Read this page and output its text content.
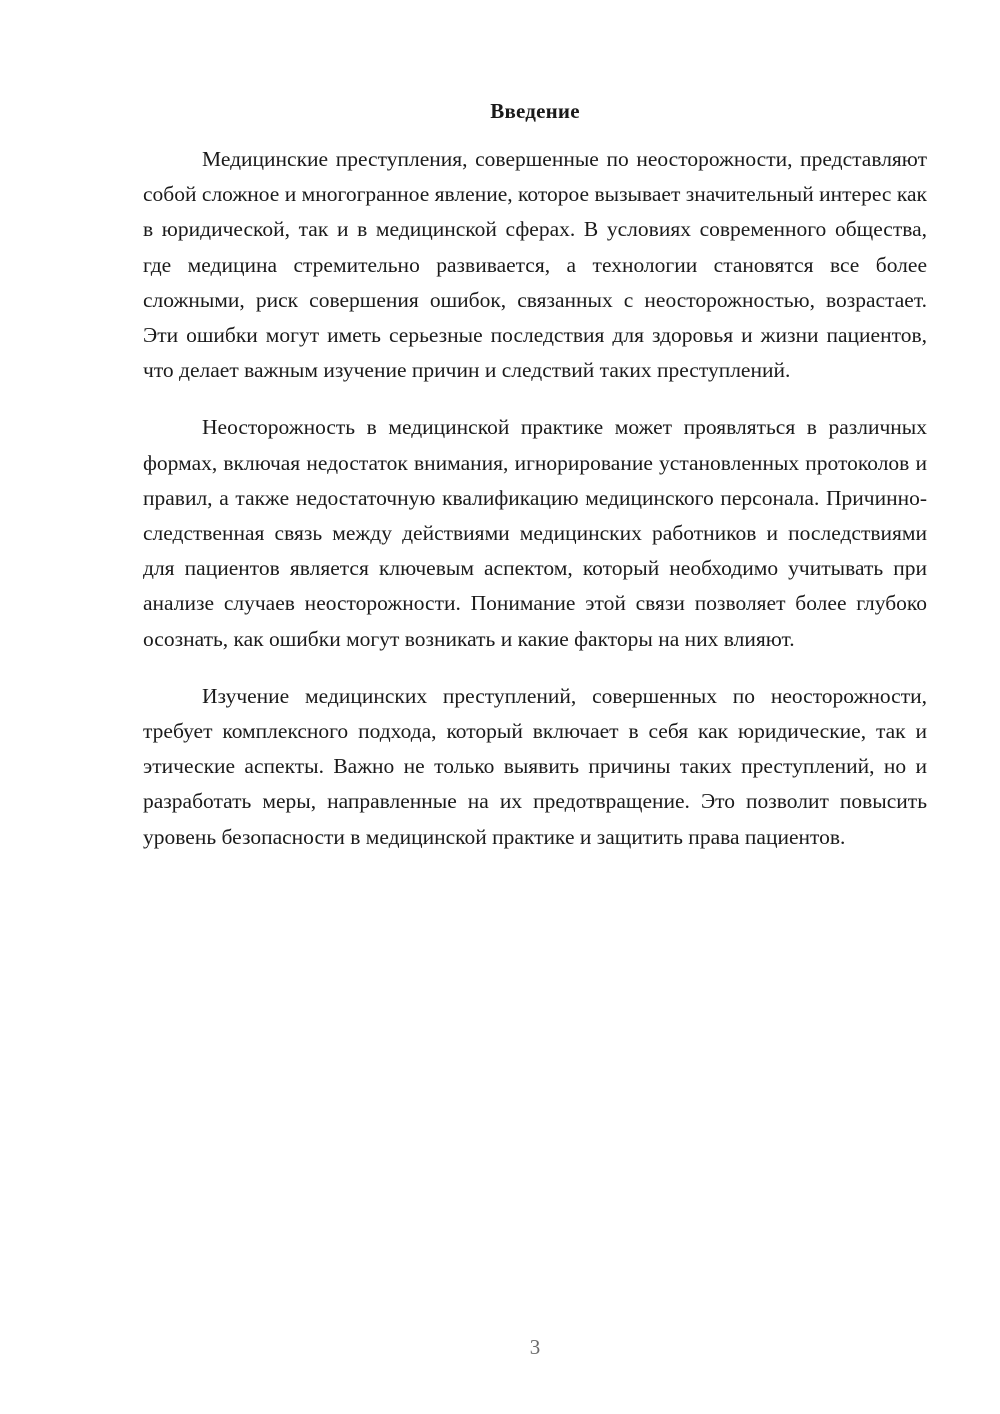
Введение

Медицинские преступления, совершенные по неосторожности, представляют собой сложное и многогранное явление, которое вызывает значительный интерес как в юридической, так и в медицинской сферах. В условиях современного общества, где медицина стремительно развивается, а технологии становятся все более сложными, риск совершения ошибок, связанных с неосторожностью, возрастает. Эти ошибки могут иметь серьезные последствия для здоровья и жизни пациентов, что делает важным изучение причин и следствий таких преступлений.

Неосторожность в медицинской практике может проявляться в различных формах, включая недостаток внимания, игнорирование установленных протоколов и правил, а также недостаточную квалификацию медицинского персонала. Причинно-следственная связь между действиями медицинских работников и последствиями для пациентов является ключевым аспектом, который необходимо учитывать при анализе случаев неосторожности. Понимание этой связи позволяет более глубоко осознать, как ошибки могут возникать и какие факторы на них влияют.

Изучение медицинских преступлений, совершенных по неосторожности, требует комплексного подхода, который включает в себя как юридические, так и этические аспекты. Важно не только выявить причины таких преступлений, но и разработать меры, направленные на их предотвращение. Это позволит повысить уровень безопасности в медицинской практике и защитить права пациентов.

3
